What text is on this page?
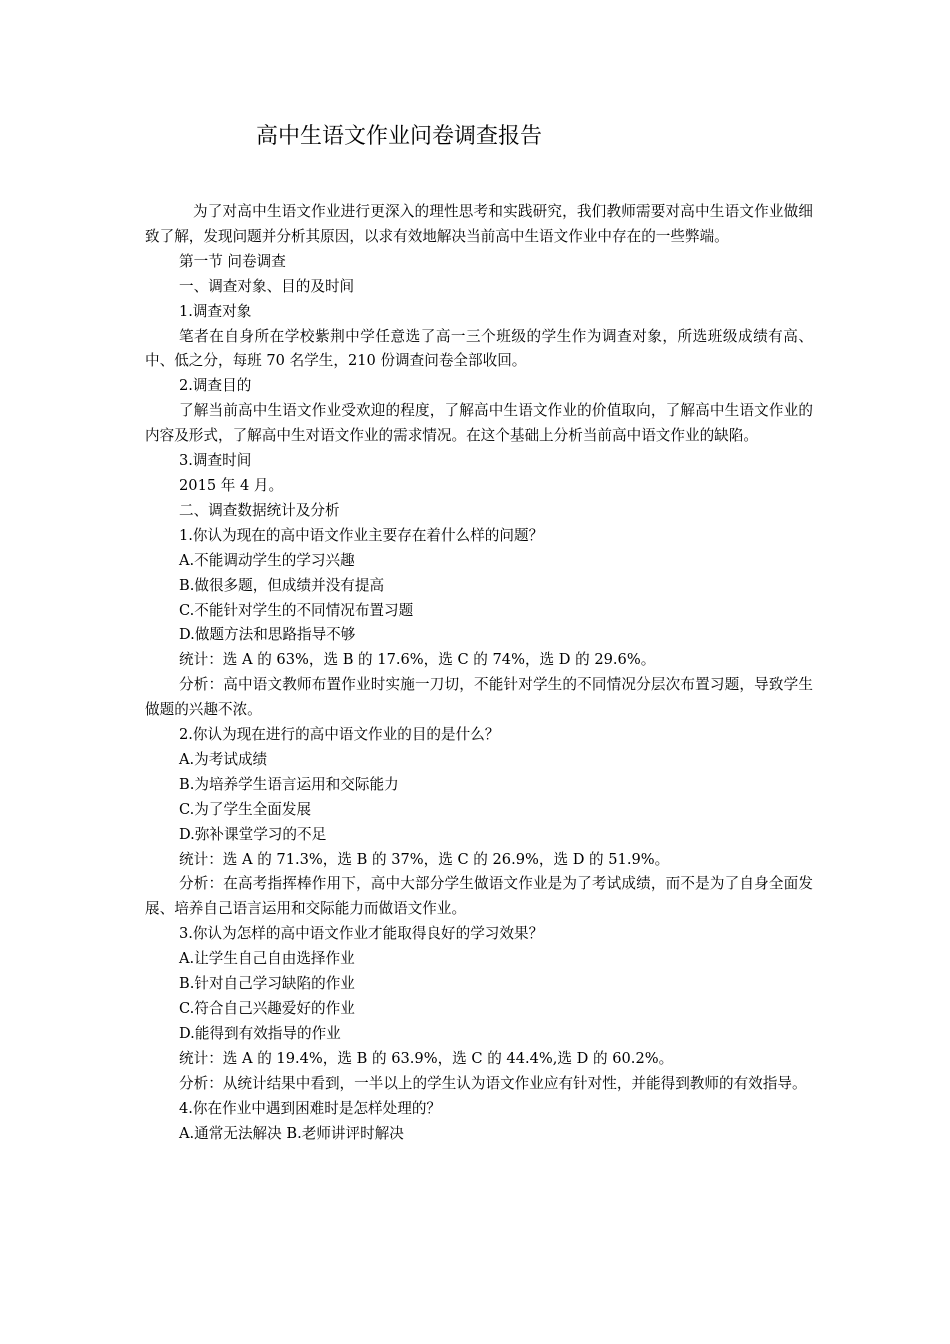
高中生语文作业问卷调查报告

为了对高中生语文作业进行更深入的理性思考和实践研究，我们教师需要对高中生语文作业做细致了解，发现问题并分析其原因，以求有效地解决当前高中生语文作业中存在的一些弊端。

第一节 问卷调查

一、调查对象、目的及时间

1.调查对象

笔者在自身所在学校紫荆中学任意选了高一三个班级的学生作为调查对象，所选班级成绩有高、中、低之分，每班 70 名学生，210 份调查问卷全部收回。

2.调查目的

了解当前高中生语文作业受欢迎的程度，了解高中生语文作业的价值取向，了解高中生语文作业的内容及形式，了解高中生对语文作业的需求情况。在这个基础上分析当前高中语文作业的缺陷。

3.调查时间

2015 年 4 月。

二、调查数据统计及分析

1.你认为现在的高中语文作业主要存在着什么样的问题？

A.不能调动学生的学习兴趣

B.做很多题，但成绩并没有提高

C.不能针对学生的不同情况布置习题

D.做题方法和思路指导不够

统计：选 A 的 63%，选 B 的 17.6%，选 C 的 74%，选 D 的 29.6%。

分析：高中语文教师布置作业时实施一刀切，不能针对学生的不同情况分层次布置习题，导致学生做题的兴趣不浓。

2.你认为现在进行的高中语文作业的目的是什么？

A.为考试成绩

B.为培养学生语言运用和交际能力

C.为了学生全面发展

D.弥补课堂学习的不足

统计：选 A 的 71.3%，选 B 的 37%，选 C 的 26.9%，选 D 的 51.9%。

分析：在高考指挥棒作用下，高中大部分学生做语文作业是为了考试成绩，而不是为了自身全面发展、培养自己语言运用和交际能力而做语文作业。

3.你认为怎样的高中语文作业才能取得良好的学习效果？

A.让学生自己自由选择作业

B.针对自己学习缺陷的作业

C.符合自己兴趣爱好的作业

D.能得到有效指导的作业

统计：选 A 的 19.4%，选 B 的 63.9%，选 C 的 44.4%,选 D 的 60.2%。

分析：从统计结果中看到，一半以上的学生认为语文作业应有针对性，并能得到教师的有效指导。

4.你在作业中遇到困难时是怎样处理的？

A.通常无法解决 B.老师讲评时解决
